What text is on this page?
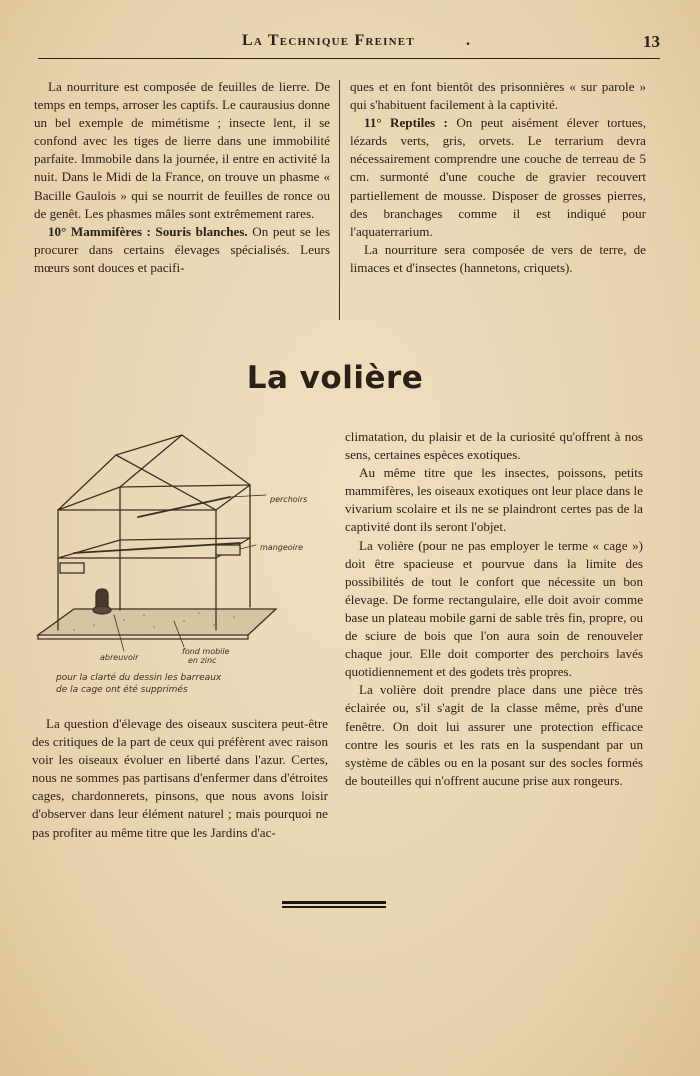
La Technique Freinet	.	13

La nourriture est composée de feuilles de lierre. De temps en temps, arroser les captifs. Le caurausius donne un bel exemple de mimétisme ; insecte lent, il se confond avec les tiges de lierre dans une immobilité parfaite. Immobile dans la journée, il entre en activité la nuit. Dans le Midi de la France, on trouve un phasme « Bacille Gaulois » qui se nourrit de feuilles de ronce ou de genêt. Les phasmes mâles sont extrêmement rares.

10° Mammifères : Souris blanches. On peut se les procurer dans certains élevages spécialisés. Leurs mœurs sont douces et pacifi-

ques et en font bientôt des prisonnières « sur parole » qui s'habituent facilement à la captivité.

11° Reptiles : On peut aisément élever tortues, lézards verts, gris, orvets. Le terrarium devra nécessairement comprendre une couche de terreau de 5 cm. surmonté d'une couche de gravier recouvert partiellement de mousse. Disposer de grosses pierres, des branchages comme il est indiqué pour l'aquaterrarium.

La nourriture sera composée de vers de terre, de limaces et d'insectes (hannetons, criquets).

La volière
perchoirs
mangeoire
abreuvoir
fond mobile
en zinc
pour la clarté du dessin les barreaux
de la cage ont été supprimés

La question d'élevage des oiseaux suscitera peut-être des critiques de la part de ceux qui préfèrent avec raison voir les oiseaux évoluer en liberté dans l'azur. Certes, nous ne sommes pas partisans d'enfermer dans d'étroites cages, chardonnerets, pinsons, que nous avons loisir d'observer dans leur élément naturel ; mais pourquoi ne pas profiter au même titre que les Jardins d'ac-

climatation, du plaisir et de la curiosité qu'offrent à nos sens, certaines espèces exotiques.

Au même titre que les insectes, poissons, petits mammifères, les oiseaux exotiques ont leur place dans le vivarium scolaire et ils ne se plaindront certes pas de la captivité dont ils seront l'objet.

La volière (pour ne pas employer le terme « cage ») doit être spacieuse et pourvue dans la limite des possibilités de tout le confort que nécessite un bon élevage. De forme rectangulaire, elle doit avoir comme base un plateau mobile garni de sable très fin, propre, ou de sciure de bois que l'on aura soin de renouveler chaque jour. Elle doit comporter des perchoirs lavés quotidiennement et des godets très propres.

La volière doit prendre place dans une pièce très éclairée ou, s'il s'agit de la classe même, près d'une fenêtre. On doit lui assurer une protection efficace contre les souris et les rats en la suspendant par un système de câbles ou en la posant sur des socles formés de bouteilles qui n'offrent aucune prise aux rongeurs.
